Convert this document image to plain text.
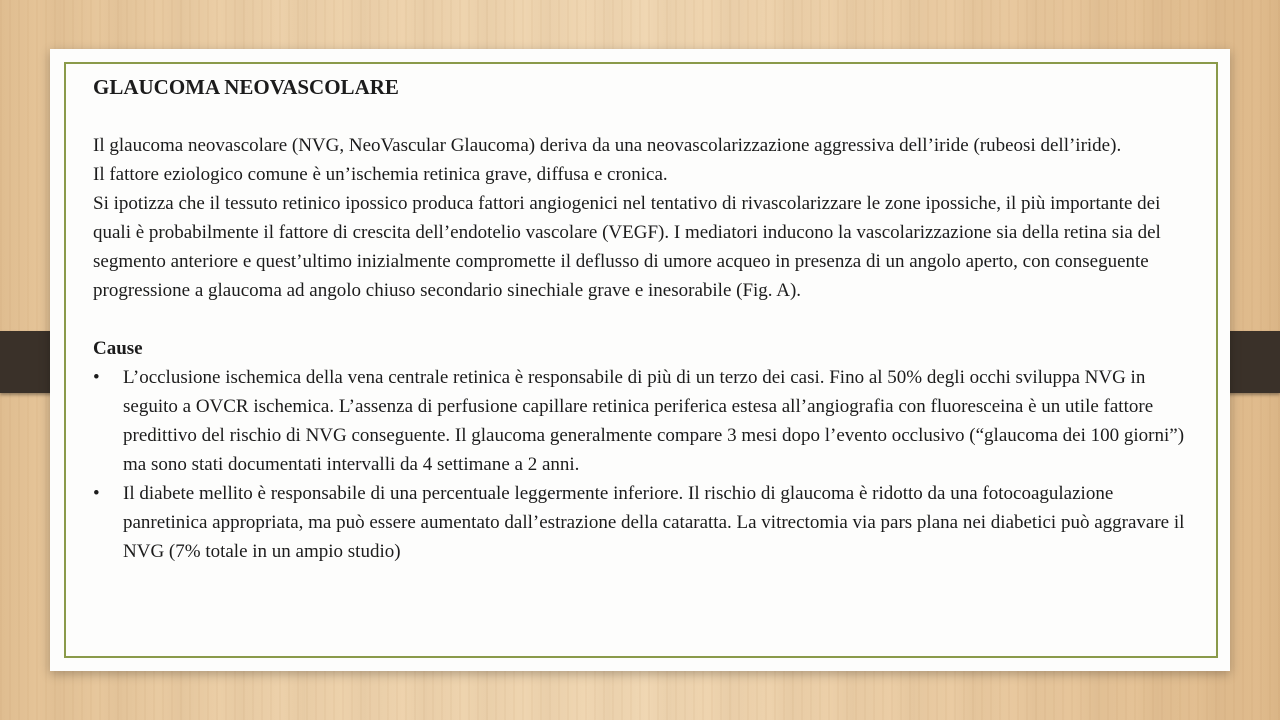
GLAUCOMA NEOVASCOLARE

Il glaucoma neovascolare (NVG, NeoVascular Glaucoma) deriva da una neovascolarizzazione aggressiva dell’iride (rubeosi dell’iride).

Il fattore eziologico comune è un’ischemia retinica grave, diffusa e cronica.

Si ipotizza che il tessuto retinico ipossico produca fattori angiogenici nel tentativo di rivascolarizzare le zone ipossiche, il più importante dei quali è probabilmente il fattore di crescita dell’endotelio vascolare (VEGF). I mediatori inducono la vascolarizzazione sia della retina sia del segmento anteriore e quest’ultimo inizialmente compromette il deflusso di umore acqueo in presenza di un angolo aperto, con conseguente progressione a glaucoma ad angolo chiuso secondario sinechiale grave e inesorabile (Fig. A).

Cause
• L’occlusione ischemica della vena centrale retinica è responsabile di più di un terzo dei casi. Fino al 50% degli occhi sviluppa NVG in seguito a OVCR ischemica. L’assenza di perfusione capillare retinica periferica estesa all’angiografia con fluoresceina è un utile fattore predittivo del rischio di NVG conseguente. Il glaucoma generalmente compare 3 mesi dopo l’evento occlusivo (“glaucoma dei 100 giorni”) ma sono stati documentati intervalli da 4 settimane a 2 anni.
• Il diabete mellito è responsabile di una percentuale leggermente inferiore. Il rischio di glaucoma è ridotto da una fotocoagulazione panretinica appropriata, ma può essere aumentato dall’estrazione della cataratta. La vitrectomia via pars plana nei diabetici può aggravare il NVG (7% totale in un ampio studio)
